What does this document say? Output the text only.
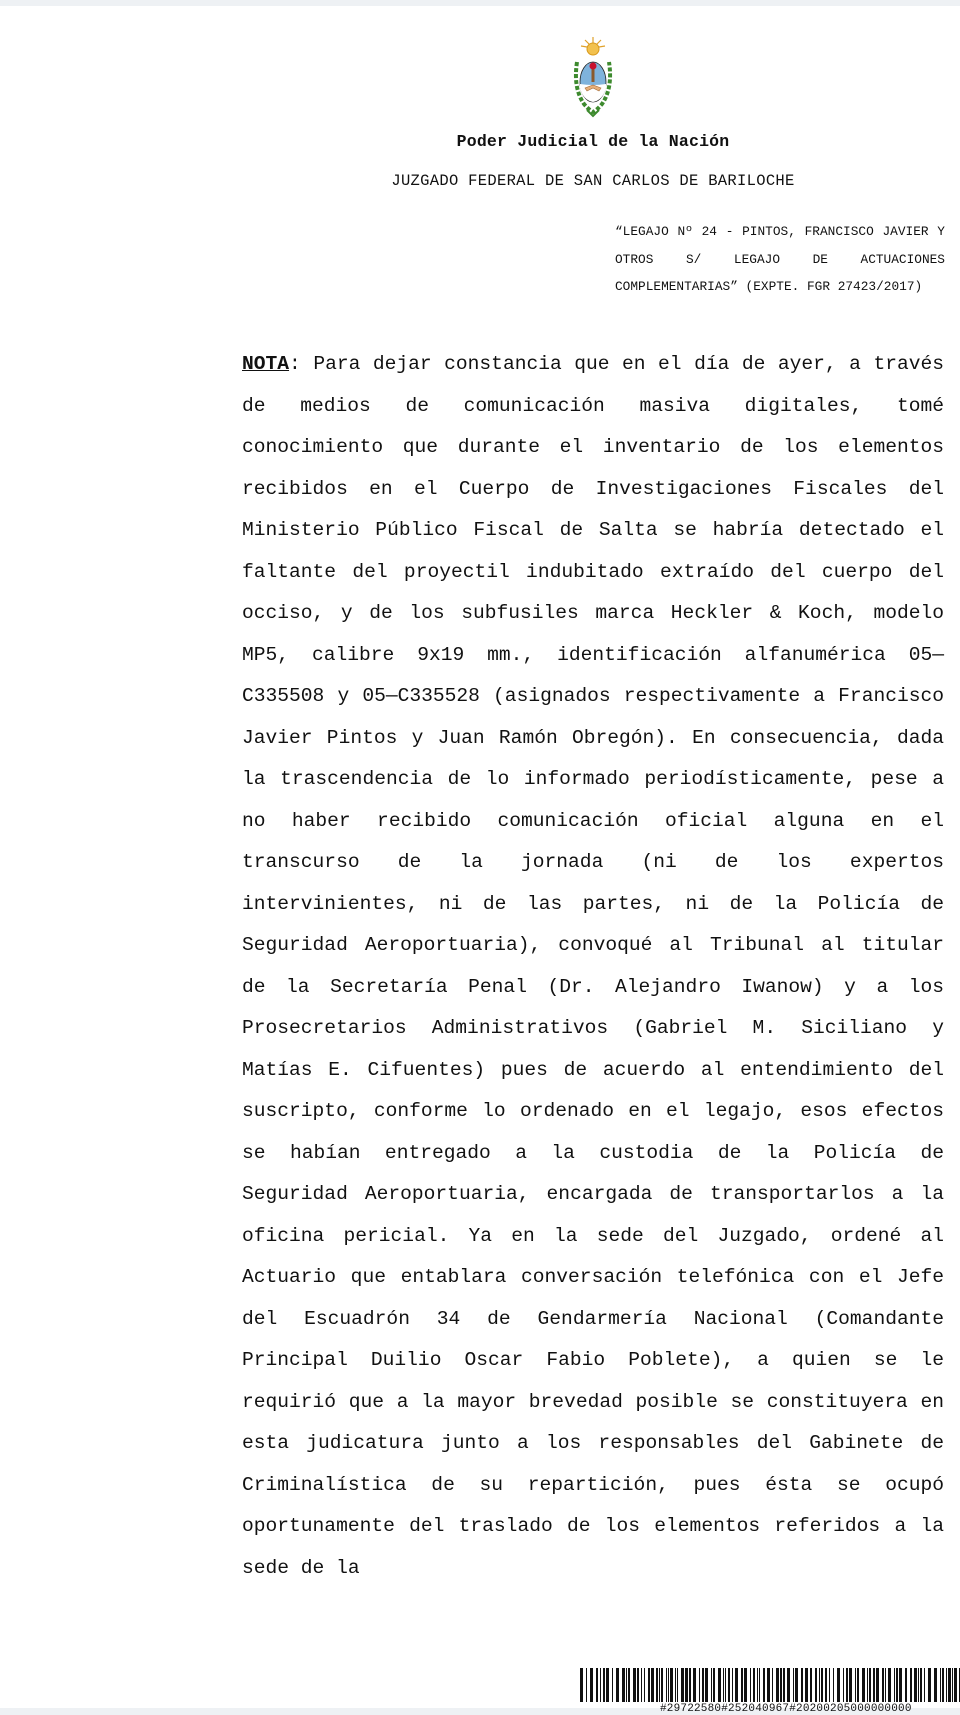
Poder Judicial de la Nación
JUZGADO FEDERAL DE SAN CARLOS DE BARILOCHE
“LEGAJO Nº 24 - PINTOS, FRANCISCO JAVIER Y OTROS S/ LEGAJO DE ACTUACIONES COMPLEMENTARIAS” (EXPTE. FGR 27423/2017)
NOTA: Para dejar constancia que en el día de ayer, a través de medios de comunicación masiva digitales, tomé conocimiento que durante el inventario de los elementos recibidos en el Cuerpo de Investigaciones Fiscales del Ministerio Público Fiscal de Salta se habría detectado el faltante del proyectil indubitado extraído del cuerpo del occiso, y de los subfusiles marca Heckler & Koch, modelo MP5, calibre 9x19 mm., identificación alfanumérica 05—C335508 y 05—C335528 (asignados respectivamente a Francisco Javier Pintos y Juan Ramón Obregón). En consecuencia, dada la trascendencia de lo informado periodísticamente, pese a no haber recibido comunicación oficial alguna en el transcurso de la jornada (ni de los expertos intervinientes, ni de las partes, ni de la Policía de Seguridad Aeroportuaria), convoqué al Tribunal al titular de la Secretaría Penal (Dr. Alejandro Iwanow) y a los Prosecretarios Administrativos (Gabriel M. Siciliano y Matías E. Cifuentes) pues de acuerdo al entendimiento del suscripto, conforme lo ordenado en el legajo, esos efectos se habían entregado a la custodia de la Policía de Seguridad Aeroportuaria, encargada de transportarlos a la oficina pericial. Ya en la sede del Juzgado, ordené al Actuario que entablara conversación telefónica con el Jefe del Escuadrón 34 de Gendarmería Nacional (Comandante Principal Duilio Oscar Fabio Poblete), a quien se le requirió que a la mayor brevedad posible se constituyera en esta judicatura junto a los responsables del Gabinete de Criminalística de su repartición, pues ésta se ocupó oportunamente del traslado de los elementos referidos a la sede de la
#29722580#252040967#20200205000000000
